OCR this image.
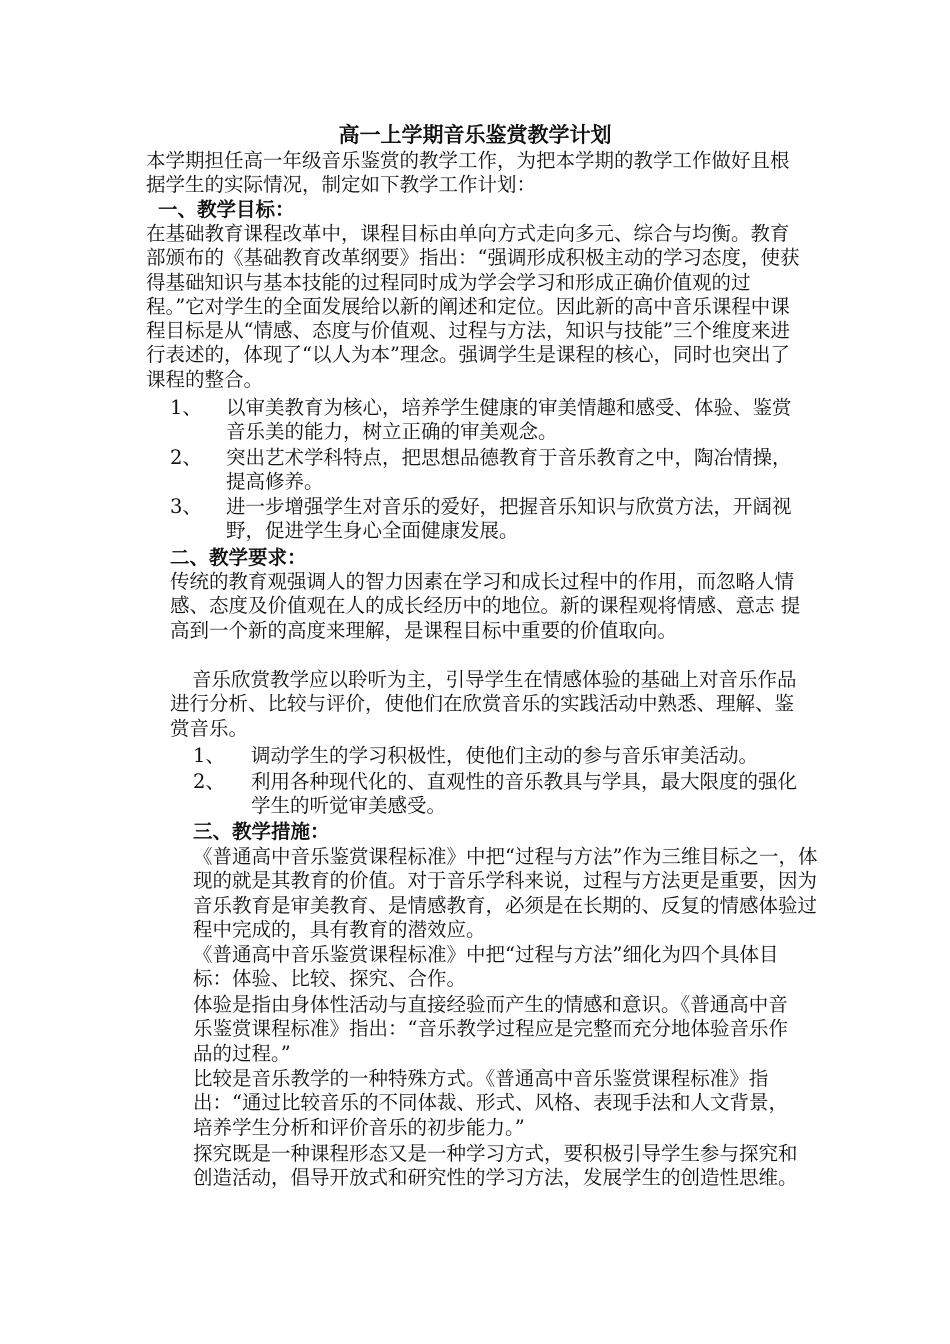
高一上学期音乐鉴赏教学计划

本学期担任高一年级音乐鉴赏的教学工作，为把本学期的教学工作做好且根据学生的实际情况，制定如下教学工作计划：

一、教学目标：

在基础教育课程改革中，课程目标由单向方式走向多元、综合与均衡。教育部颁布的《基础教育改革纲要》指出：“强调形成积极主动的学习态度，使获得基础知识与基本技能的过程同时成为学会学习和形成正确价值观的过程。”它对学生的全面发展给以新的阐述和定位。因此新的高中音乐课程中课程目标是从“情感、态度与价值观、过程与方法，知识与技能”三个维度来进行表述的，体现了“以人为本”理念。强调学生是课程的核心，同时也突出了课程的整合。

1、	以审美教育为核心，培养学生健康的审美情趣和感受、体验、鉴赏音乐美的能力，树立正确的审美观念。
2、	突出艺术学科特点，把思想品德教育于音乐教育之中，陶冶情操，提高修养。
3、	进一步增强学生对音乐的爱好，把握音乐知识与欣赏方法，开阔视野，促进学生身心全面健康发展。
二、教学要求：

传统的教育观强调人的智力因素在学习和成长过程中的作用，而忽略人情感、态度及价值观在人的成长经历中的地位。新的课程观将情感、意志 提高到一个新的高度来理解，是课程目标中重要的价值取向。

音乐欣赏教学应以聆听为主，引导学生在情感体验的基础上对音乐作品进行分析、比较与评价，使他们在欣赏音乐的实践活动中熟悉、理解、鉴赏音乐。

1、	调动学生的学习积极性，使他们主动的参与音乐审美活动。
2、	利用各种现代化的、直观性的音乐教具与学具，最大限度的强化学生的听觉审美感受。
三、教学措施：

《普通高中音乐鉴赏课程标准》中把“过程与方法”作为三维目标之一，体现的就是其教育的价值。对于音乐学科来说，过程与方法更是重要，因为音乐教育是审美教育、是情感教育，必须是在长期的、反复的情感体验过程中完成的，具有教育的潜效应。

《普通高中音乐鉴赏课程标准》中把“过程与方法”细化为四个具体目标：体验、比较、探究、合作。

体验是指由身体性活动与直接经验而产生的情感和意识。《普通高中音乐鉴赏课程标准》指出：“音乐教学过程应是完整而充分地体验音乐作品的过程。”

比较是音乐教学的一种特殊方式。《普通高中音乐鉴赏课程标准》指出：“通过比较音乐的不同体裁、形式、风格、表现手法和人文背景，培养学生分析和评价音乐的初步能力。”

探究既是一种课程形态又是一种学习方式，要积极引导学生参与探究和创造活动，倡导开放式和研究性的学习方法，发展学生的创造性思维。
